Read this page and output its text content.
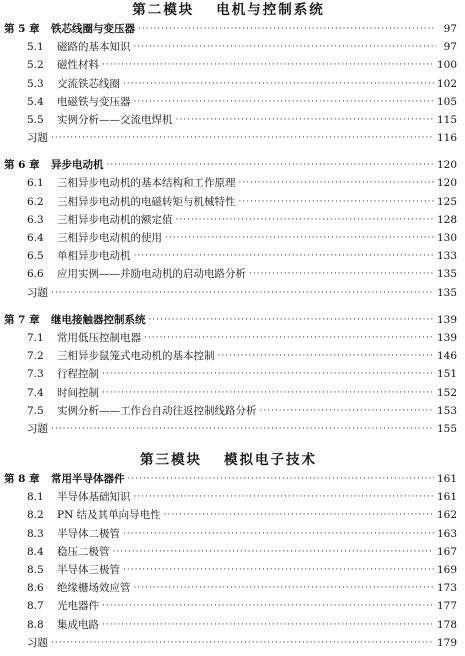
第二模块 电机与控制系统
第 5 章	铁芯线圈与变压器 ·····	97
5.1	磁路的基本知识 ·····	97
5.2	磁性材料 ·····	100
5.3	交流铁芯线圈 ·····	102
5.4	电磁铁与变压器 ·····	105
5.5	实例分析——交流电焊机 ·····	115
习题 ·····	116
第 6 章	异步电动机 ·····	120
6.1	三相异步电动机的基本结构和工作原理 ·····	120
6.2	三相异步电动机的电磁转矩与机械特性 ·····	125
6.3	三相异步电动机的额定值 ·····	128
6.4	三相异步电动机的使用 ·····	130
6.5	单相异步电动机 ·····	133
6.6	应用实例——并励电动机的启动电路分析 ·····	135
习题 ·····	135
第 7 章	继电接触器控制系统 ·····	139
7.1	常用低压控制电器 ·····	139
7.2	三相异步鼠笼式电动机的基本控制 ·····	146
7.3	行程控制 ·····	151
7.4	时间控制 ·····	152
7.5	实例分析——工作台自动往返控制线路分析 ·····	153
习题 ·····	155
第三模块 模拟电子技术
第 8 章	常用半导体器件 ·····	161
8.1	半导体基础知识 ·····	161
8.2	PN 结及其单向导电性 ·····	162
8.3	半导体二极管 ·····	163
8.4	稳压二极管 ·····	167
8.5	半导体三极管 ·····	169
8.6	绝缘栅场效应管 ·····	173
8.7	光电器件 ·····	177
8.8	集成电路 ·····	178
习题 ·····	179
